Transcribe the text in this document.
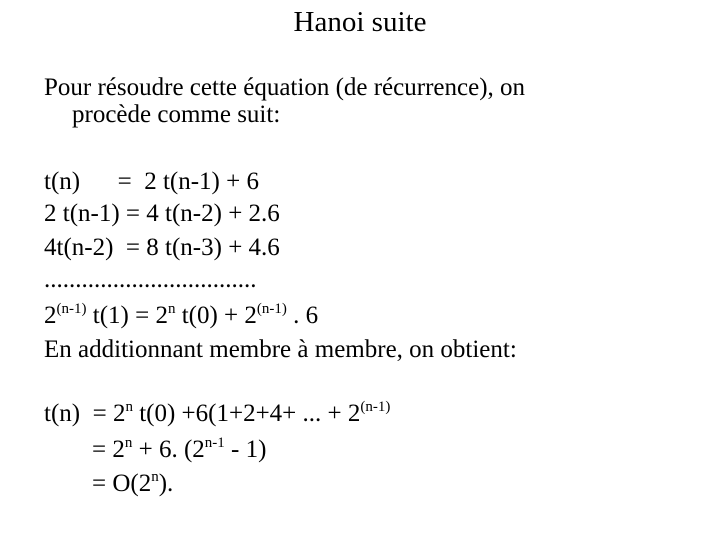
Hanoi suite
Pour résoudre cette équation (de récurrence), on
procède comme suit:
t(n)      =  2 t(n-1) + 6
2 t(n-1) = 4 t(n-2) + 2.6
4t(n-2)  = 8 t(n-3) + 4.6
..................................
2$^{(n-1)}$ $t(1) = 2^n$ $t(0) + 2^{(n-1)}$ . 6
En additionnant membre à membre, on obtient:
$t(n) = 2^n$ t(0) +6(1+2+4+ ... + $2^{(n-1)}$
= $2^n + 6$. (2$^{n-1}$ - 1)
= $O(2^n)$.
